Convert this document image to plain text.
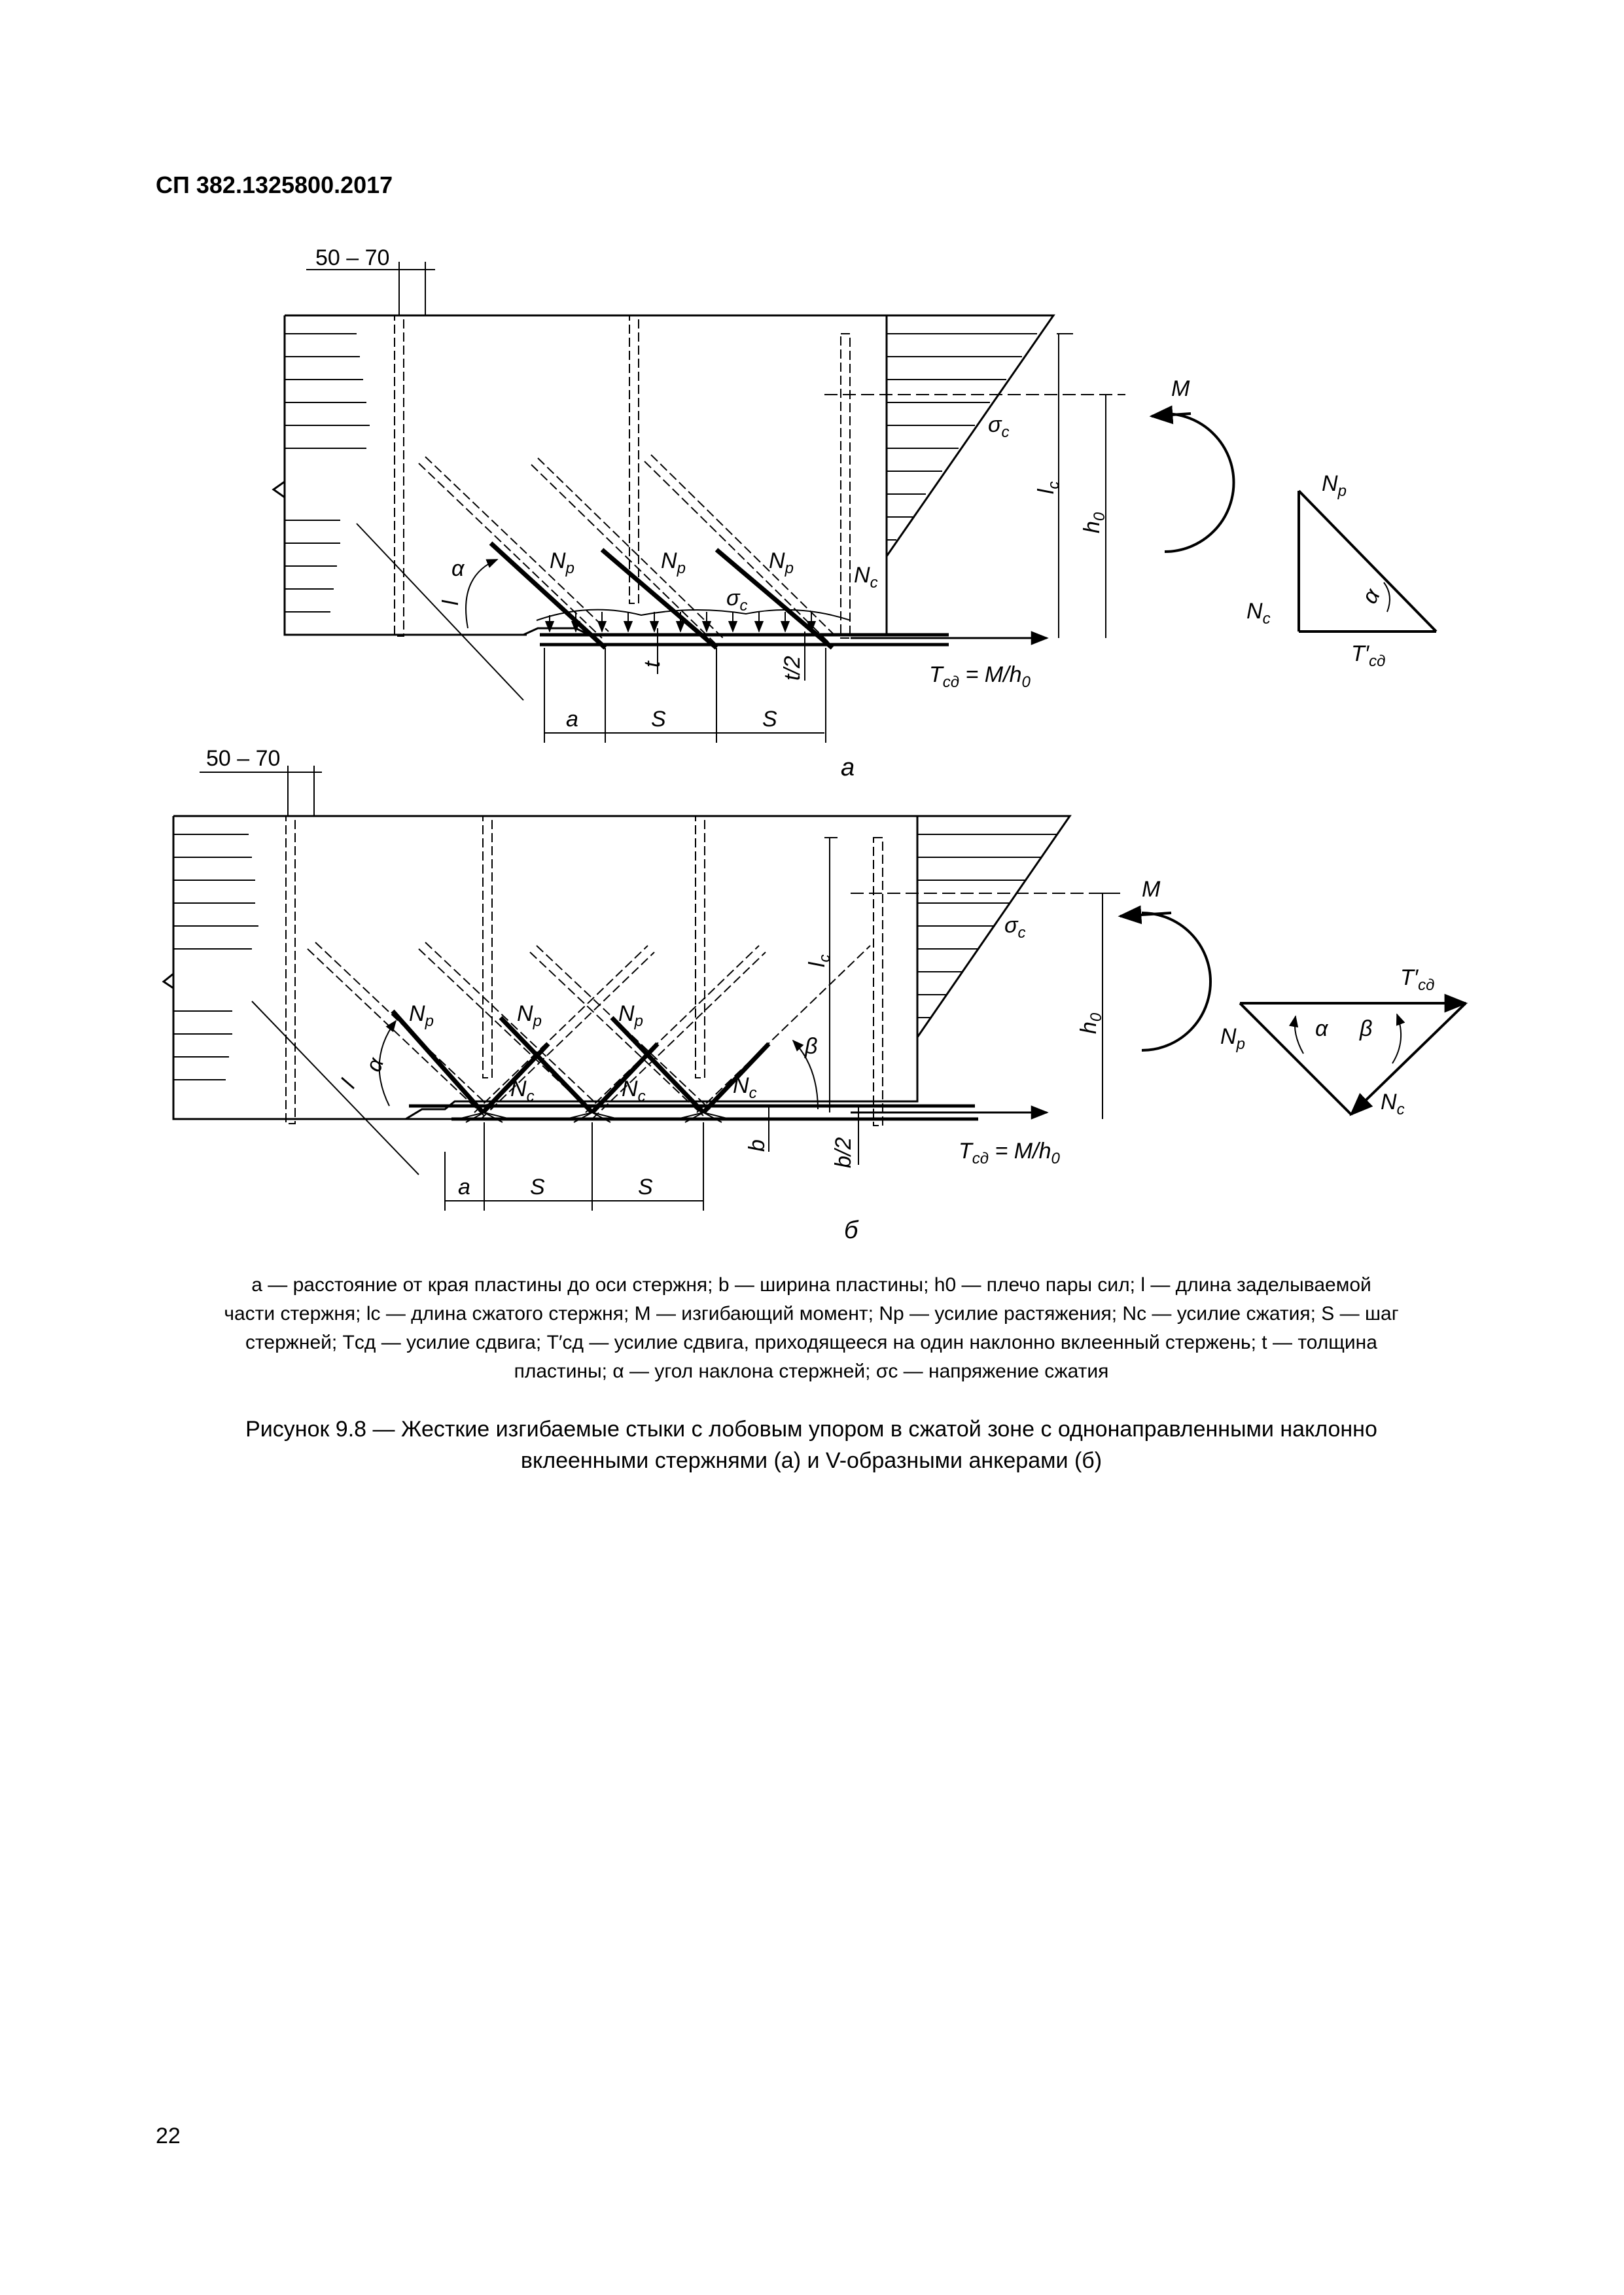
СП 382.1325800.2017
50 – 70
$\sigma_c$
$\sigma_c$
$N_р$	$N_р$	$N_р$	$N_с$
α
l
t	t/2
a	S	S
$l_с$
$h_0$
$T_{сд} = M/h_0$
M
$N_р$
$N_с$
α
$T'_{сд}$
а
50 – 70
$\sigma_c$
$N_р$	$N_р$	$N_р$
$N_с$	$N_с$	$N_с$
α
l
β
b	b/2
a	S	S
$l_с$
$h_0$
$T_{сд} = M/h_0$
M
$T'_{сд}$
$N_р$
$N_с$
α β
б
а — расстояние от края пластины до оси стержня; b — ширина пластины; h0 — плечо пары сил; l — длина заделываемой
части стержня; lc — длина сжатого стержня; M — изгибающий момент; Nр — усилие растяжения; Nс — усилие сжатия; S — шаг
стержней; Tсд — усилие сдвига; T′сд — усилие сдвига, приходящееся на один наклонно вклеенный стержень; t — толщина
пластины; α — угол наклона стержней; σс — напряжение сжатия
Рисунок 9.8 — Жесткие изгибаемые стыки с лобовым упором в сжатой зоне с однонаправленными наклонно
вклеенными стержнями (а) и V-образными анкерами (б)
22
